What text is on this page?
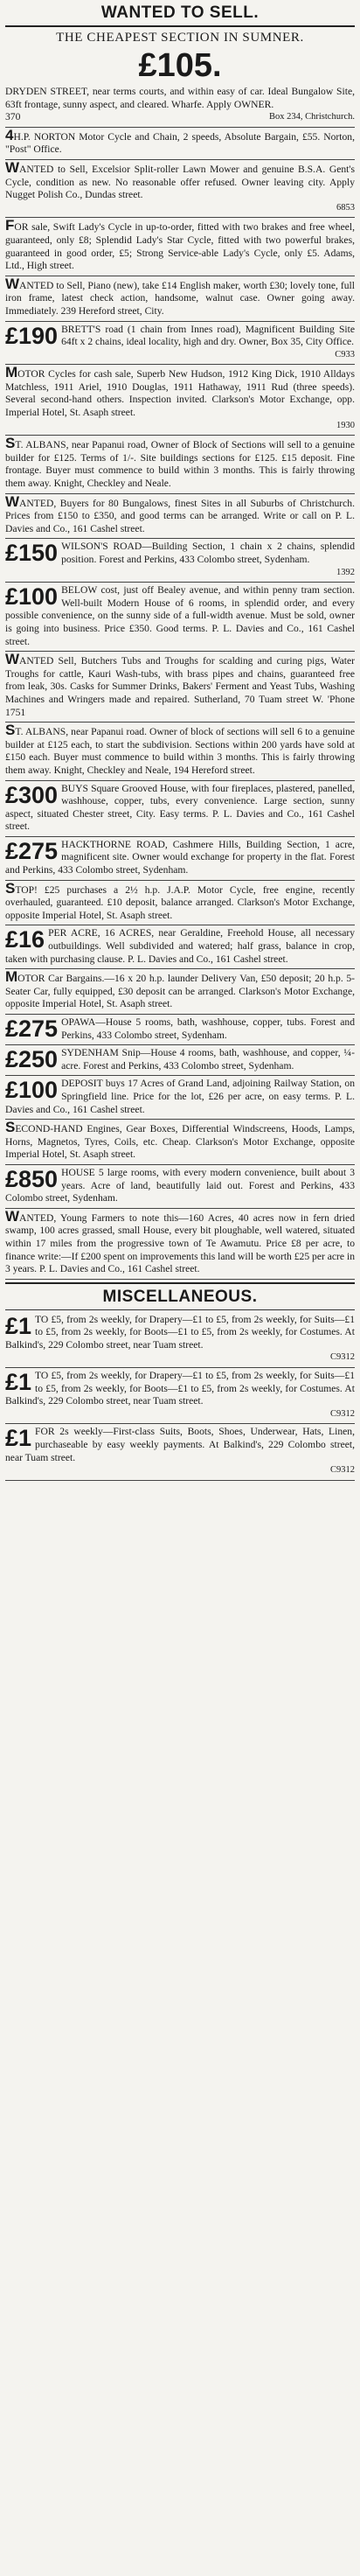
WANTED TO SELL.
THE CHEAPEST SECTION IN SUMNER.
£105.
DRYDEN STREET, near terms courts, and within easy of car. Ideal Bungalow Site, 63ft frontage, sunny aspect, and cleared. Wharfe. Apply OWNER.
370	Box 234, Christchurch.
4H.P. NORTON Motor Cycle and Chain, 2 speeds, Absolute Bargain, £55. Norton, "Post" Office.
WANTED to Sell, Excelsior Split-roller Lawn Mower and genuine B.S.A. Gent's Cycle, condition as new. No reasonable offer refused. Owner leaving city. Apply Nugget Polish Co., Dundas street.
6853
FOR sale, Swift Lady's Cycle in up-to-order, fitted with two brakes and free wheel, guaranteed, only £8; Splendid Lady's Star Cycle, fitted with two powerful brakes, guaranteed in good order, £5; Strong Service-able Lady's Cycle, only £5. Adams, Ltd., High street.
WANTED to Sell, Piano (new), take £14 English maker, worth £30; lovely tone, full iron frame, latest check action, handsome, walnut case. Owner going away. Immediately. 239 Hereford street, City.
£190 BRETT'S road (1 chain from Innes road), Magnificent Building Site 64ft x 2 chains, ideal locality, high and dry. Owner, Box 35, City Office.
C933
MOTOR Cycles for cash sale, Superb New Hudson, 1912 King Dick, 1910 Alldays Matchless, 1911 Ariel, 1910 Douglas, 1911 Hathaway, 1911 Rud (three speeds). Several second-hand others. Inspection invited. Clarkson's Motor Exchange, opp. Imperial Hotel, St. Asaph street.
1930
ST. ALBANS, near Papanui road, Owner of Block of Sections will sell to a genuine builder for £125. Terms of 1/-. Site buildings sections for £125. £15 deposit. Fine frontage. Buyer must commence to build within 3 months. This is fairly throwing them away. Knight, Checkley and Neale.
WANTED, Buyers for 80 Bungalows, finest Sites in all Suburbs of Christchurch. Prices from £150 to £350, and good terms can be arranged. Write or call on P. L. Davies and Co., 161 Cashel street.
£150 WILSON'S ROAD—Building Section, 1 chain x 2 chains, splendid position. Forest and Perkins, 433 Colombo street, Sydenham.
1392
£100 BELOW cost, just off Bealey avenue, and within penny tram section. Well-built Modern House of 6 rooms, in splendid order, and every possible convenience, on the sunny side of a full-width avenue. Must be sold, owner is going into business. Price £350. Good terms. P. L. Davies and Co., 161 Cashel street.
WANTED Sell, Butchers Tubs and Troughs for scalding and curing pigs, Water Troughs for cattle, Kauri Wash-tubs, with brass pipes and chains, guaranteed free from leak, 30s. Casks for Summer Drinks, Bakers' Ferment and Yeast Tubs, Washing Machines and Wringers made and repaired. Sutherland, 70 Tuam street W. 'Phone 1751
ST. ALBANS, near Papanui road. Owner of block of sections will sell 6 to a genuine builder at £125 each, to start the subdivision. Sections within 200 yards have sold at £150 each. Buyer must commence to build within 3 months. This is fairly throwing them away. Knight, Checkley and Neale, 194 Hereford street.
£300 BUYS Square Grooved House, with four fireplaces, plastered, panelled, washhouse, copper, tubs, every convenience. Large section, sunny aspect, situated Chester street, City. Easy terms. P. L. Davies and Co., 161 Cashel street.
£275 HACKTHORNE ROAD, Cashmere Hills, Building Section, 1 acre, magnificent site. Owner would exchange for property in the flat. Forest and Perkins, 433 Colombo street, Sydenham.
STOP! £25 purchases a 2½ h.p. J.A.P. Motor Cycle, free engine, recently overhauled, guaranteed. £10 deposit, balance arranged. Clarkson's Motor Exchange, opposite Imperial Hotel, St. Asaph street.
£16 PER ACRE, 16 ACRES, near Geraldine, Freehold House, all necessary outbuildings. Well subdivided and watered; half grass, balance in crop, taken with purchasing clause. P. L. Davies and Co., 161 Cashel street.
MOTOR Car Bargains.—16 x 20 h.p. launder Delivery Van, £50 deposit; 20 h.p. 5-Seater Car, fully equipped, £30 deposit can be arranged. Clarkson's Motor Exchange, opposite Imperial Hotel, St. Asaph street.
£275 OPAWA—House 5 rooms, bath, washhouse, copper, tubs. Forest and Perkins, 433 Colombo street, Sydenham.
£250 SYDENHAM Snip—House 4 rooms, bath, washhouse, and copper, ¼-acre. Forest and Perkins, 433 Colombo street, Sydenham.
£100 DEPOSIT buys 17 Acres of Grand Land, adjoining Railway Station, on Springfield line. Price for the lot, £26 per acre, on easy terms. P. L. Davies and Co., 161 Cashel street.
SECOND-HAND Engines, Gear Boxes, Differential Windscreens, Hoods, Lamps, Horns, Magnetos, Tyres, Coils, etc. Cheap. Clarkson's Motor Exchange, opposite Imperial Hotel, St. Asaph street.
£850 HOUSE 5 large rooms, with every modern convenience, built about 3 years. Acre of land, beautifully laid out. Forest and Perkins, 433 Colombo street, Sydenham.
WANTED, Young Farmers to note this—160 Acres, 40 acres now in fern dried swamp, 100 acres grassed, small House, every bit ploughable, well watered, situated within 17 miles from the progressive town of Te Awamutu. Price £8 per acre, to finance write:—If £200 spent on improvements this land will be worth £25 per acre in 3 years. P. L. Davies and Co., 161 Cashel street.
MISCELLANEOUS.
£1 TO £5, from 2s weekly, for Drapery—£1 to £5, from 2s weekly, for Suits—£1 to £5, from 2s weekly, for Boots—£1 to £5, from 2s weekly, for Costumes. At Balkind's, 229 Colombo street, near Tuam street.
C9312
£1 TO £5, from 2s weekly, for Drapery—£1 to £5, from 2s weekly, for Suits—£1 to £5, from 2s weekly, for Boots—£1 to £5, from 2s weekly, for Costumes. At Balkind's, 229 Colombo street, near Tuam street.
C9312
£1 FOR 2s weekly—First-class Suits, Boots, Shoes, Underwear, Hats, Linen, purchaseable by easy weekly payments. At Balkind's, 229 Colombo street, near Tuam street.
C9312
